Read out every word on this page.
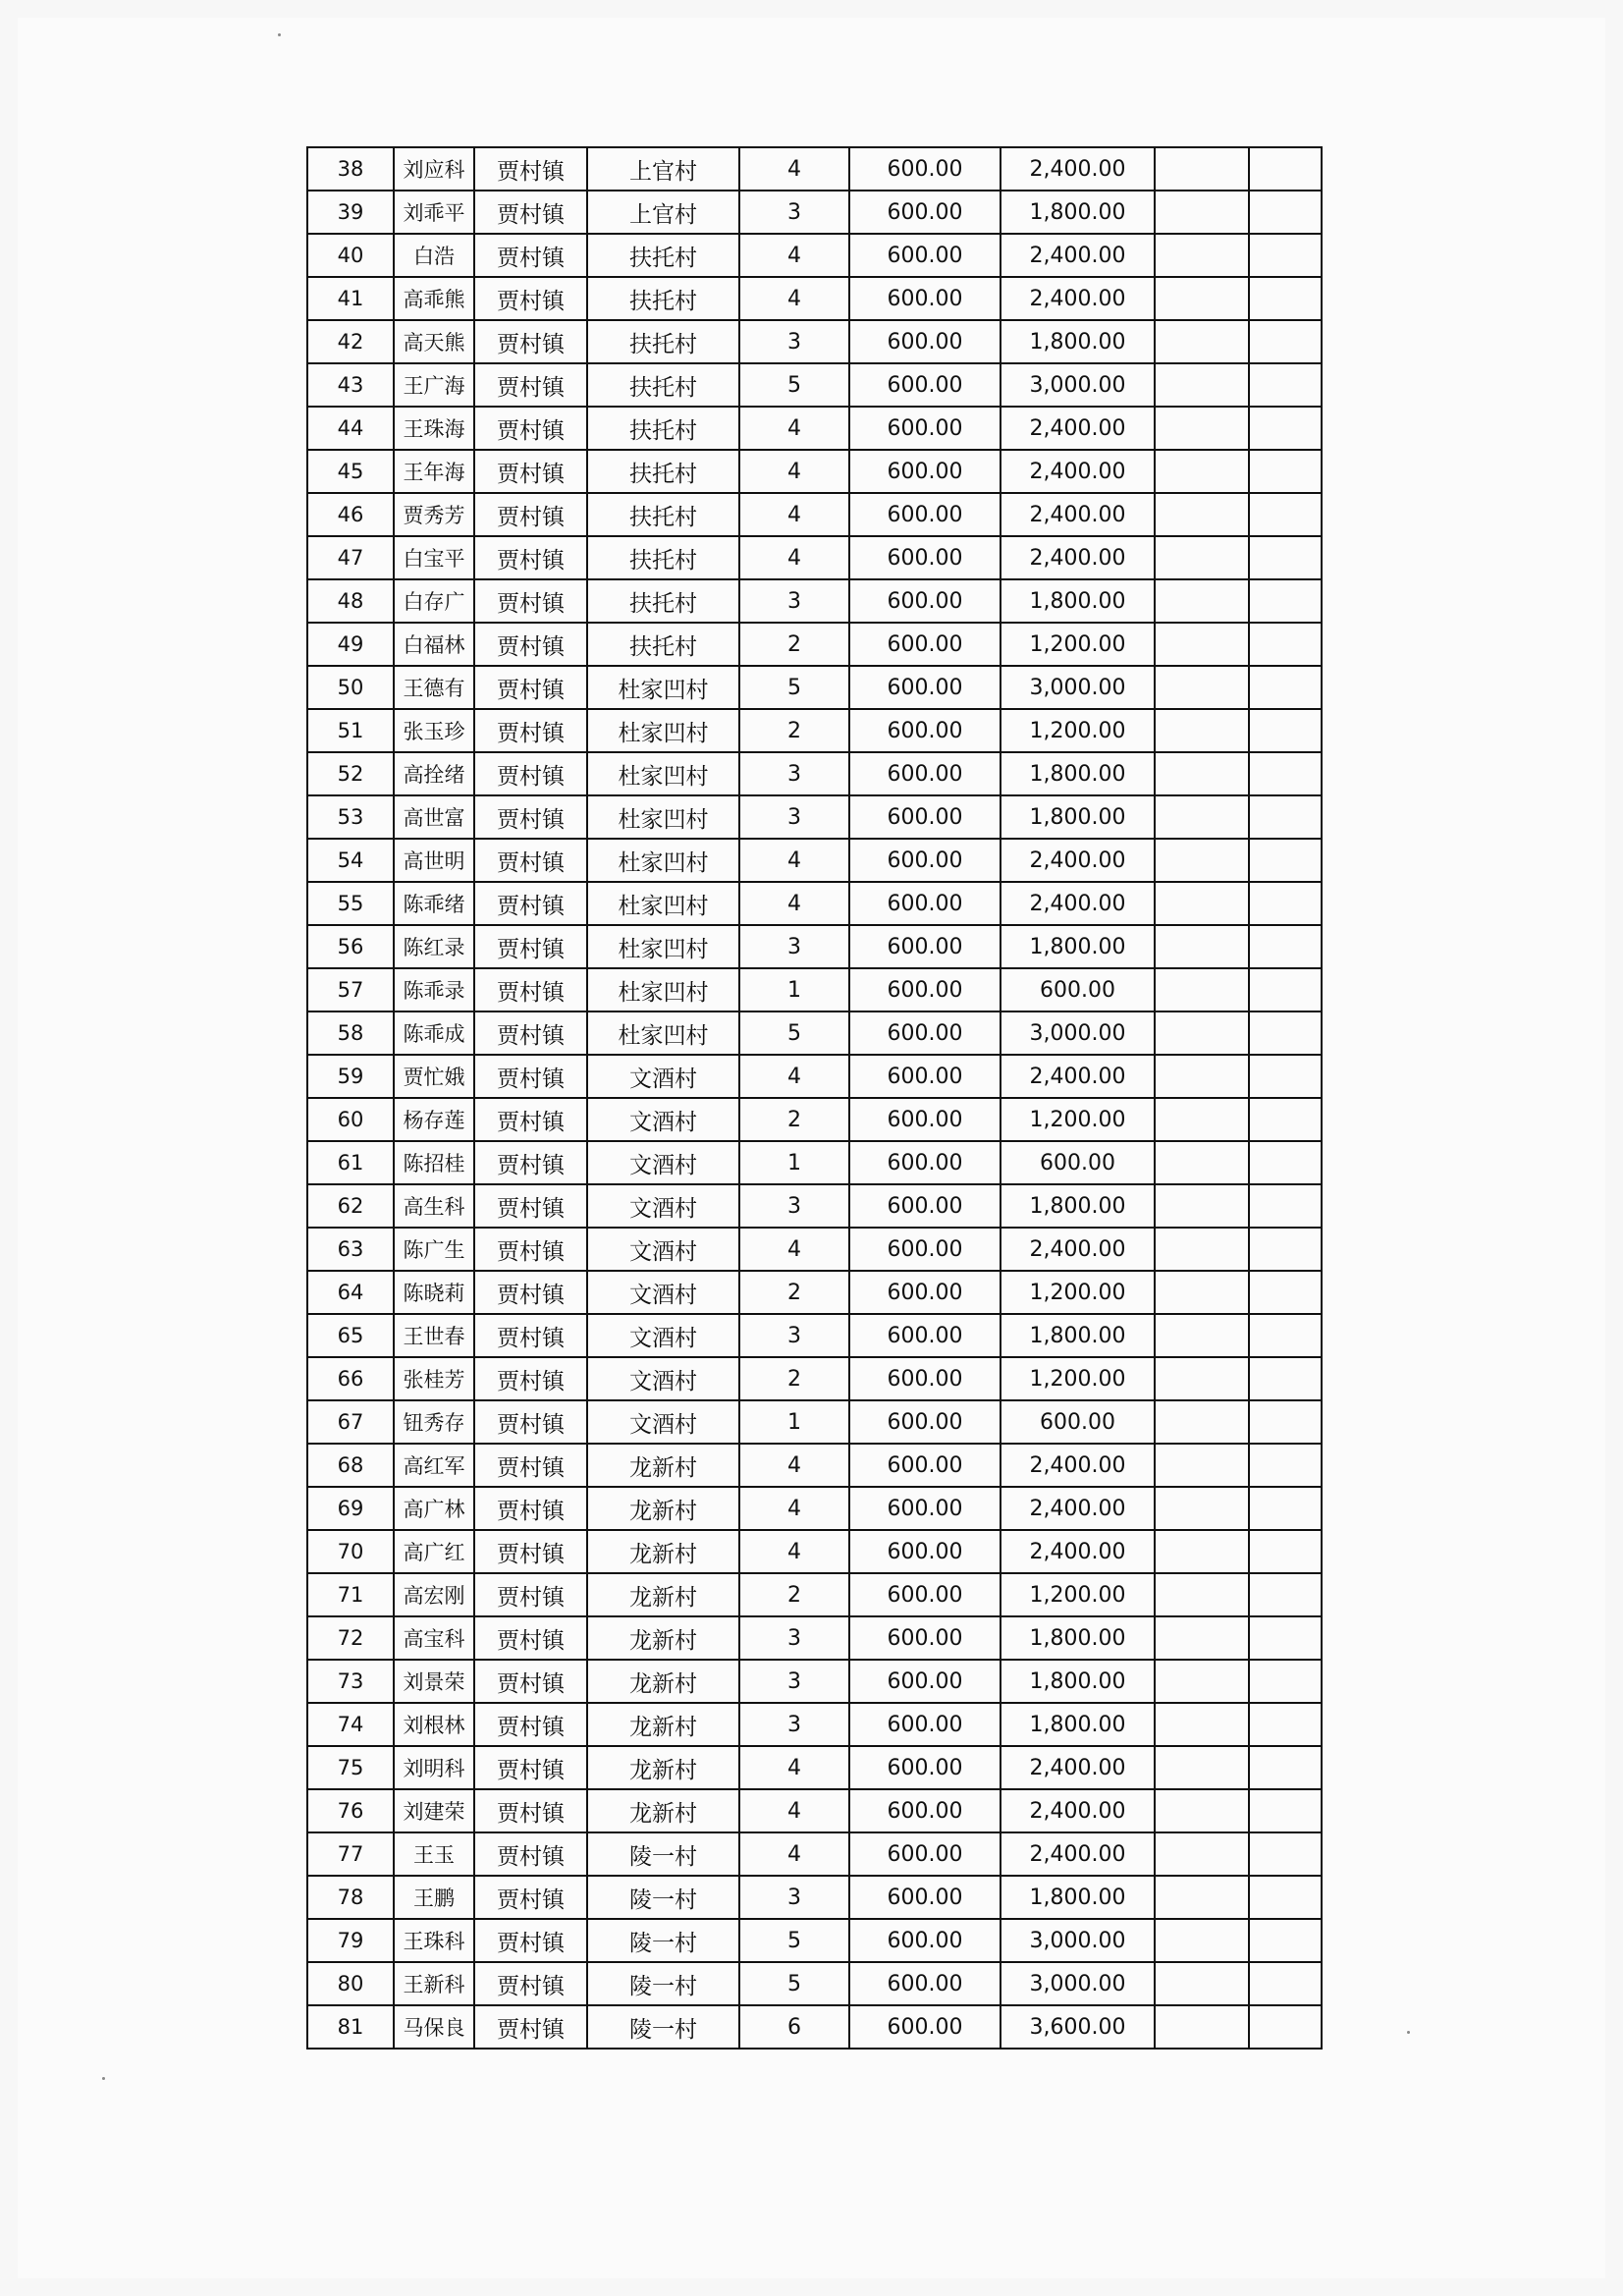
38	刘应科	贾村镇	上官村	4	600.00	2,400.00		
39	刘乖平	贾村镇	上官村	3	600.00	1,800.00		
40	白浩	贾村镇	扶托村	4	600.00	2,400.00		
41	高乖熊	贾村镇	扶托村	4	600.00	2,400.00		
42	高天熊	贾村镇	扶托村	3	600.00	1,800.00		
43	王广海	贾村镇	扶托村	5	600.00	3,000.00		
44	王珠海	贾村镇	扶托村	4	600.00	2,400.00		
45	王年海	贾村镇	扶托村	4	600.00	2,400.00		
46	贾秀芳	贾村镇	扶托村	4	600.00	2,400.00		
47	白宝平	贾村镇	扶托村	4	600.00	2,400.00		
48	白存广	贾村镇	扶托村	3	600.00	1,800.00		
49	白福林	贾村镇	扶托村	2	600.00	1,200.00		
50	王德有	贾村镇	杜家凹村	5	600.00	3,000.00		
51	张玉珍	贾村镇	杜家凹村	2	600.00	1,200.00		
52	高拴绪	贾村镇	杜家凹村	3	600.00	1,800.00		
53	高世富	贾村镇	杜家凹村	3	600.00	1,800.00		
54	高世明	贾村镇	杜家凹村	4	600.00	2,400.00		
55	陈乖绪	贾村镇	杜家凹村	4	600.00	2,400.00		
56	陈红录	贾村镇	杜家凹村	3	600.00	1,800.00		
57	陈乖录	贾村镇	杜家凹村	1	600.00	600.00		
58	陈乖成	贾村镇	杜家凹村	5	600.00	3,000.00		
59	贾忙娥	贾村镇	文酒村	4	600.00	2,400.00		
60	杨存莲	贾村镇	文酒村	2	600.00	1,200.00		
61	陈招桂	贾村镇	文酒村	1	600.00	600.00		
62	高生科	贾村镇	文酒村	3	600.00	1,800.00		
63	陈广生	贾村镇	文酒村	4	600.00	2,400.00		
64	陈晓莉	贾村镇	文酒村	2	600.00	1,200.00		
65	王世春	贾村镇	文酒村	3	600.00	1,800.00		
66	张桂芳	贾村镇	文酒村	2	600.00	1,200.00		
67	钮秀存	贾村镇	文酒村	1	600.00	600.00		
68	高红军	贾村镇	龙新村	4	600.00	2,400.00		
69	高广林	贾村镇	龙新村	4	600.00	2,400.00		
70	高广红	贾村镇	龙新村	4	600.00	2,400.00		
71	高宏刚	贾村镇	龙新村	2	600.00	1,200.00		
72	高宝科	贾村镇	龙新村	3	600.00	1,800.00		
73	刘景荣	贾村镇	龙新村	3	600.00	1,800.00		
74	刘根林	贾村镇	龙新村	3	600.00	1,800.00		
75	刘明科	贾村镇	龙新村	4	600.00	2,400.00		
76	刘建荣	贾村镇	龙新村	4	600.00	2,400.00		
77	王玉	贾村镇	陵一村	4	600.00	2,400.00		
78	王鹏	贾村镇	陵一村	3	600.00	1,800.00		
79	王珠科	贾村镇	陵一村	5	600.00	3,000.00		
80	王新科	贾村镇	陵一村	5	600.00	3,000.00		
81	马保良	贾村镇	陵一村	6	600.00	3,600.00		
